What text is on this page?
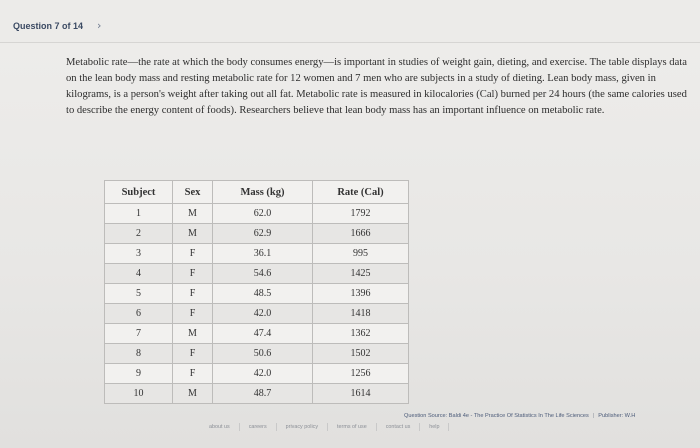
Question 7 of 14 ›

Metabolic rate—the rate at which the body consumes energy—is important in studies of weight gain, dieting, and exercise. The table displays data on the lean body mass and resting metabolic rate for 12 women and 7 men who are subjects in a study of dieting. Lean body mass, given in kilograms, is a person's weight after taking out all fat. Metabolic rate is measured in kilocalories (Cal) burned per 24 hours (the same calories used to describe the energy content of foods). Researchers believe that lean body mass has an important influence on metabolic rate.

Subject	Sex	Mass (kg)	Rate (Cal)
1	M	62.0	1792
2	M	62.9	1666
3	F	36.1	995
4	F	54.6	1425
5	F	48.5	1396
6	F	42.0	1418
7	M	47.4	1362
8	F	50.6	1502
9	F	42.0	1256
10	M	48.7	1614
Question Source: Baldi 4e - The Practice Of Statistics In The Life Sciences | Publisher: W.H
about us	careers	privacy policy	terms of use	contact us	help
